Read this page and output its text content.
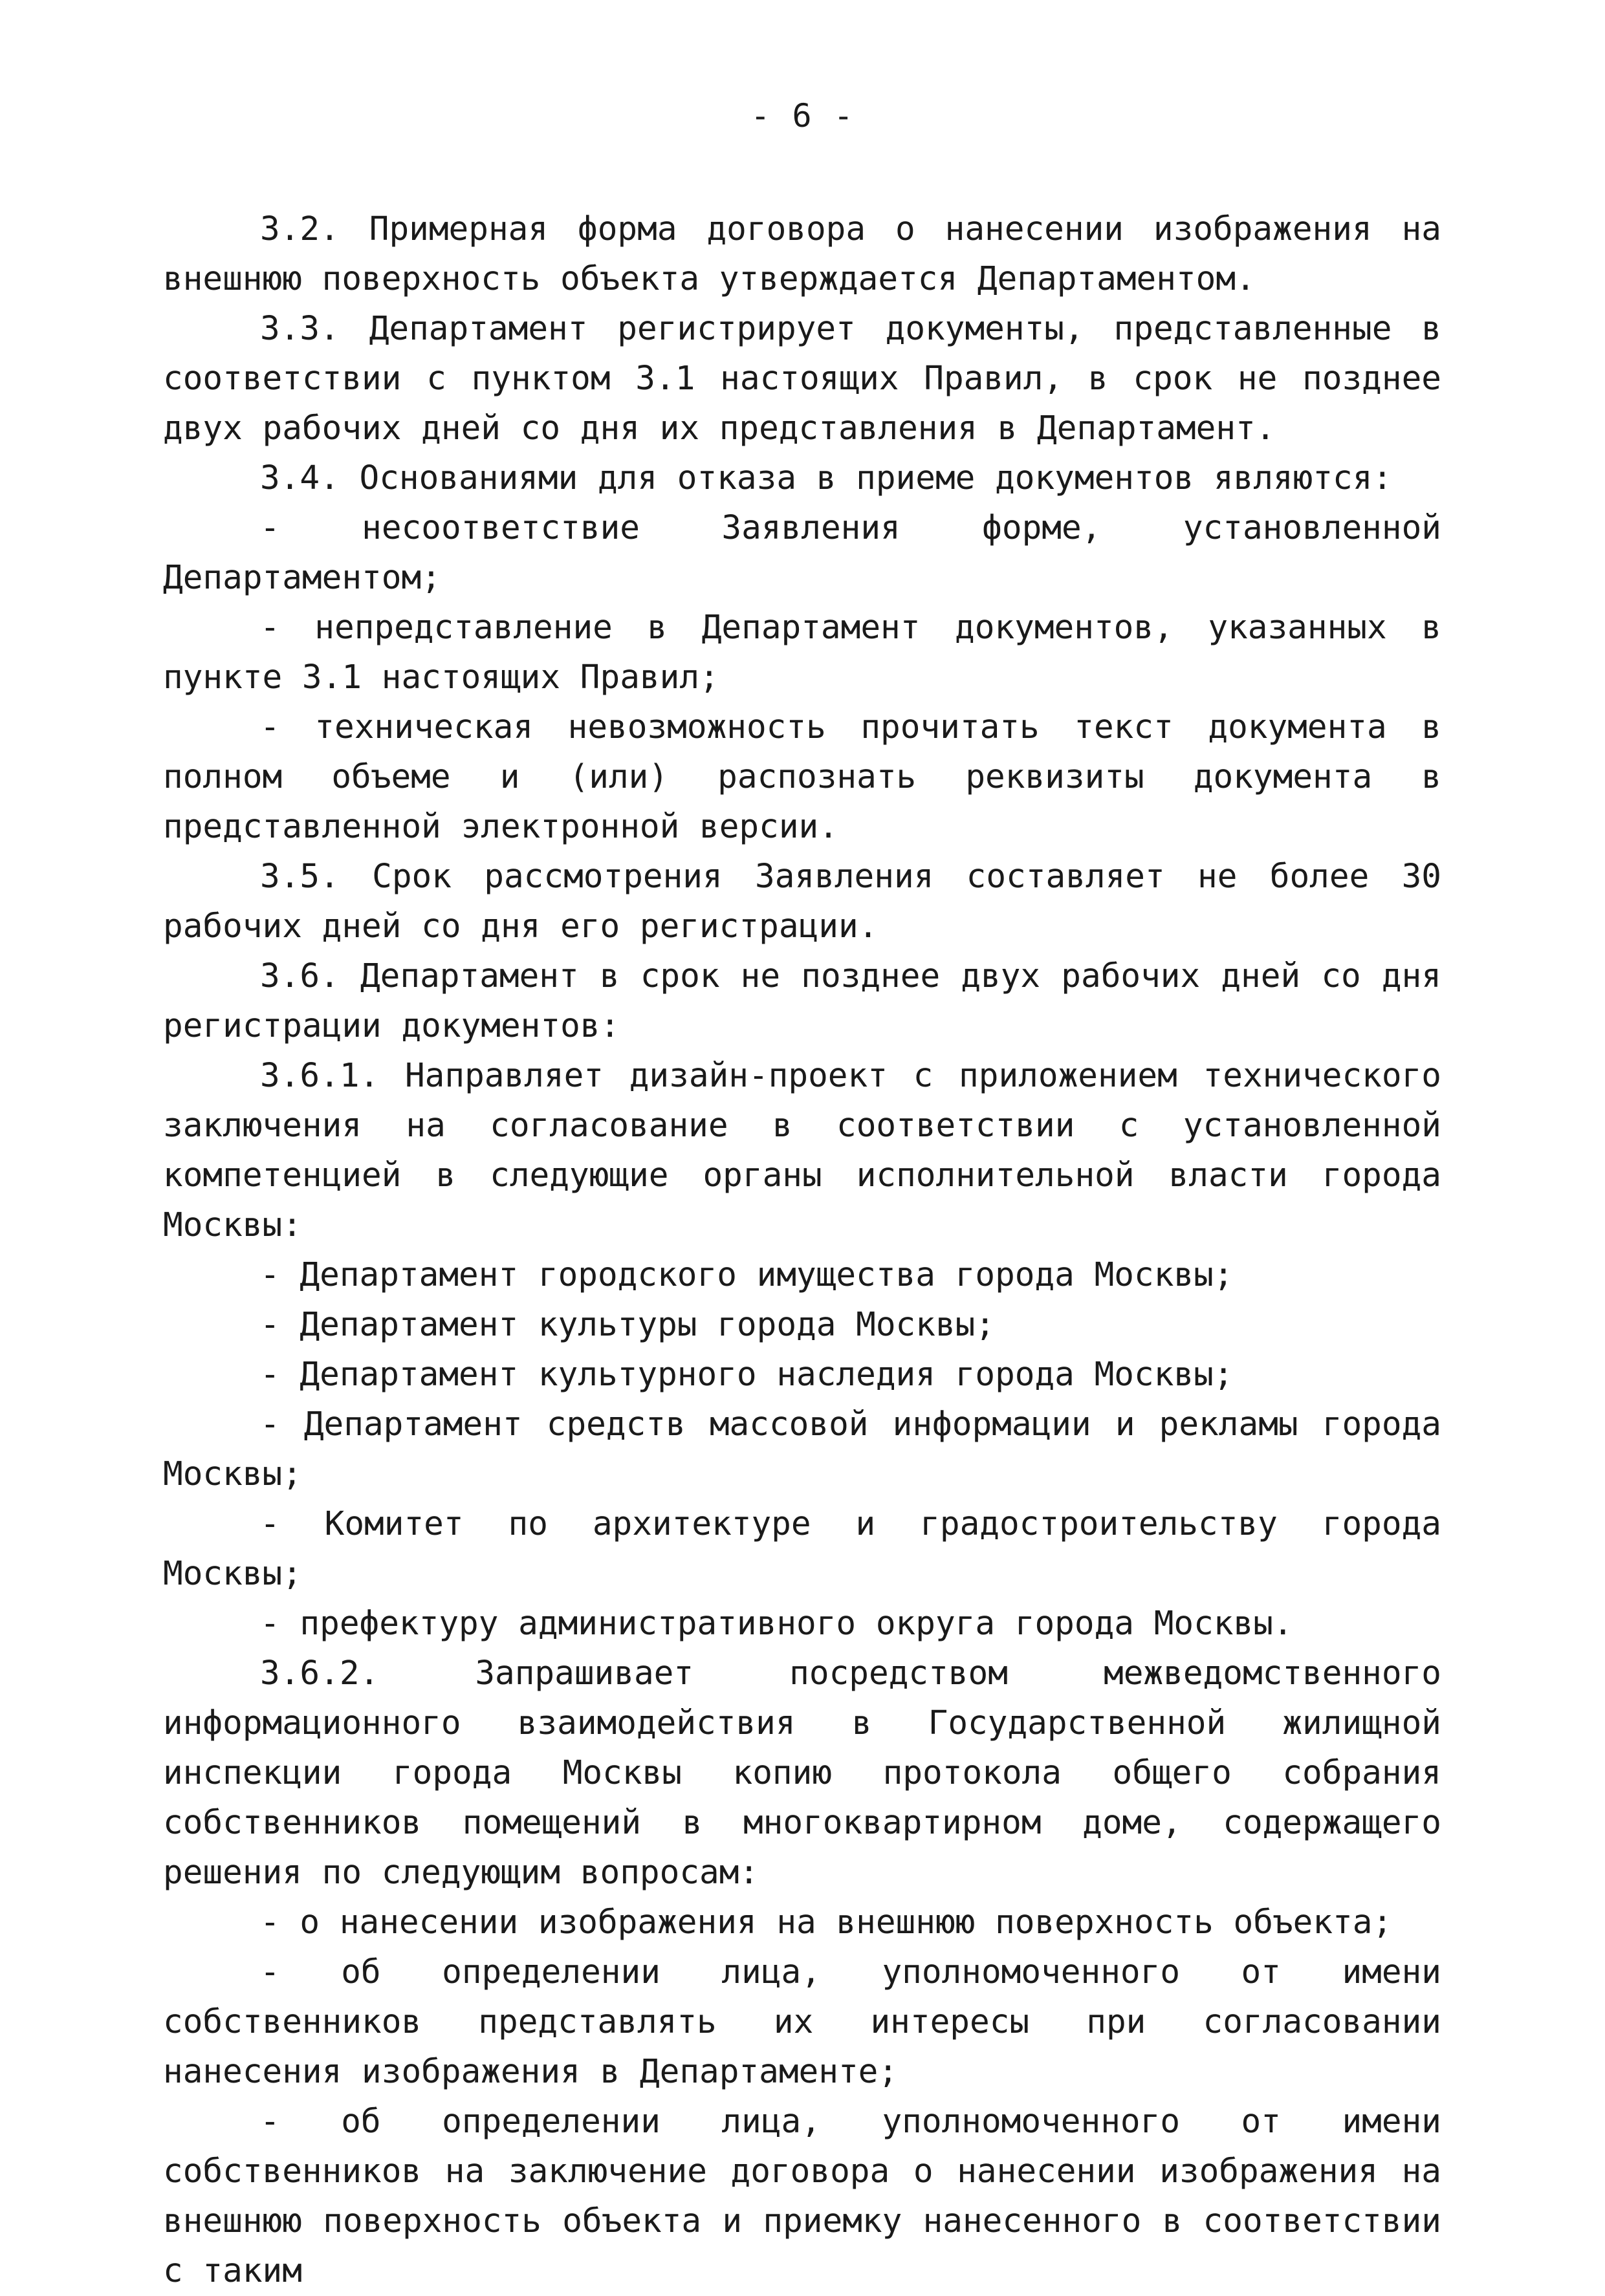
- 6 -

3.2. Примерная форма договора о нанесении изображения на внешнюю поверхность объекта утверждается Департаментом.

3.3. Департамент регистрирует документы, представленные в соответствии с пунктом 3.1 настоящих Правил, в срок не позднее двух рабочих дней со дня их представления в Департамент.

3.4. Основаниями для отказа в приеме документов являются:

- несоответствие Заявления форме, установленной Департаментом;

- непредставление в Департамент документов, указанных в пункте 3.1 настоящих Правил;

- техническая невозможность прочитать текст документа в полном объеме и (или) распознать реквизиты документа в представленной электронной версии.

3.5. Срок рассмотрения Заявления составляет не более 30 рабочих дней со дня его регистрации.

3.6. Департамент в срок не позднее двух рабочих дней со дня регистрации документов:

3.6.1. Направляет дизайн-проект с приложением технического заключения на согласование в соответствии с установленной компетенцией в следующие органы исполнительной власти города Москвы:

- Департамент городского имущества города Москвы;

- Департамент культуры города Москвы;

- Департамент культурного наследия города Москвы;

- Департамент средств массовой информации и рекламы города Москвы;

- Комитет по архитектуре и градостроительству города Москвы;

- префектуру административного округа города Москвы.

3.6.2. Запрашивает посредством межведомственного информационного взаимодействия в Государственной жилищной инспекции города Москвы копию протокола общего собрания собственников помещений в многоквартирном доме, содержащего решения по следующим вопросам:

- о нанесении изображения на внешнюю поверхность объекта;

- об определении лица, уполномоченного от имени собственников представлять их интересы при согласовании нанесения изображения в Департаменте;

- об определении лица, уполномоченного от имени собственников на заключение договора о нанесении изображения на внешнюю поверхность объекта и приемку нанесенного в соответствии с таким
